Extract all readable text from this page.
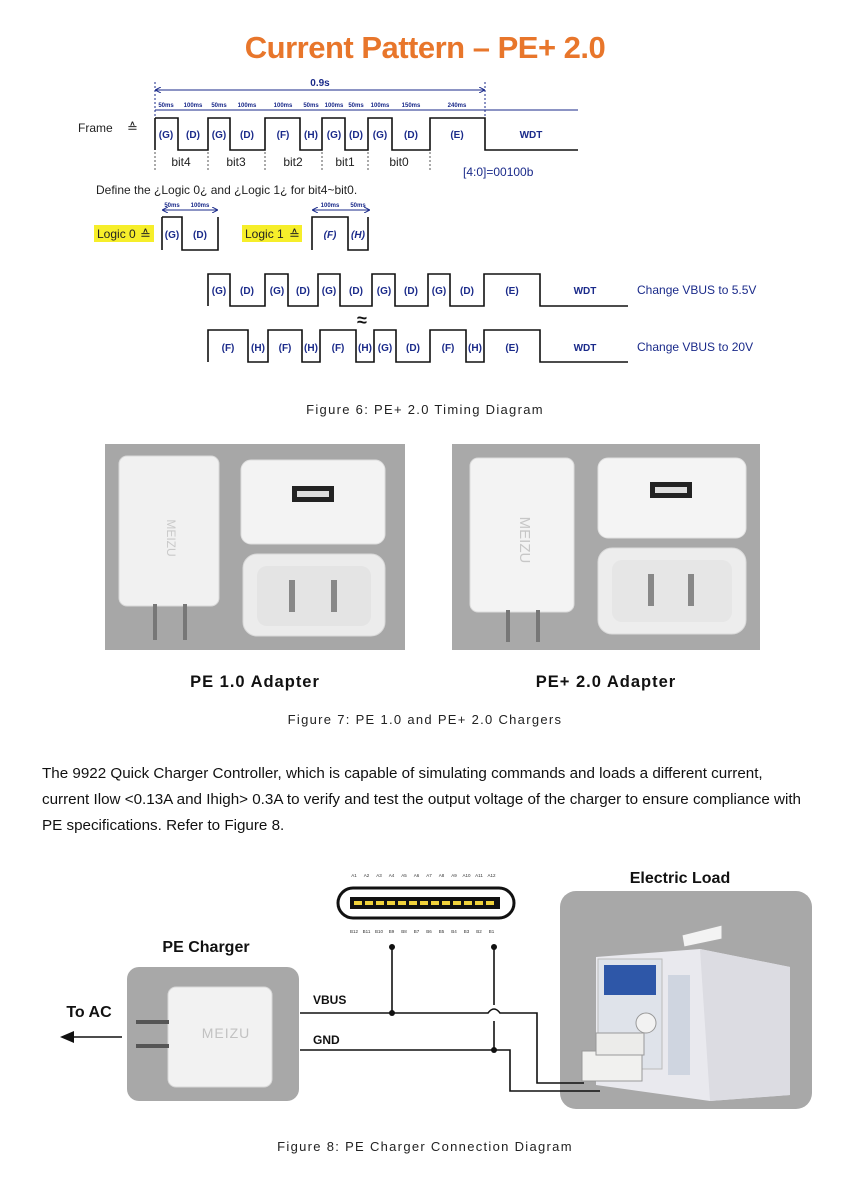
Current Pattern – PE+ 2.0
0.9s
50ms 100ms 50ms 100ms	100ms 50ms 100ms 50ms 100ms 150ms	240ms
Frame ≙
(G) (D) (G) (D) (F) (H) (G) (D) (G) (D)	(E)	WDT
bit4	bit3	bit2	bit1	bit0
[4:0]=00100b
Define the ¿Logic 0¿ and ¿Logic 1¿ for bit4~bit0.
Logic 0 ≙
50ms 100ms
(G) (D)	Logic 1 ≙
100ms 50ms
(F) (H)
(G) (D) (G) (D) (G) (D) (G) (D) (G) (D)	(E)	WDT	Change VBUS to 5.5V
≈
(F) (H) (F) (H) (F) (H) (G) (D) (F) (H) (E)	WDT	Change VBUS to 20V
Figure 6: PE+ 2.0 Timing Diagram
MEIZU	MEIZU
PE 1.0 Adapter	PE+ 2.0 Adapter
Figure 7: PE 1.0 and PE+ 2.0 Chargers
The 9922 Quick Charger Controller, which is capable of simulating commands and loads a different current, current Ilow <0.13A and Ihigh> 0.3A to verify and test the output voltage of the charger to ensure compliance with PE specifications. Refer to Figure 8.
Electric Load
A1 A2 A3 A4 A5 A6 A7 A8 A9 A10 A11 A12
B12 B11 B10 B9 B8 B7 B6 B5 B4 B3 B2 B1
PE Charger
MEIZU
To AC
VBUS
GND
Figure 8: PE Charger Connection Diagram
